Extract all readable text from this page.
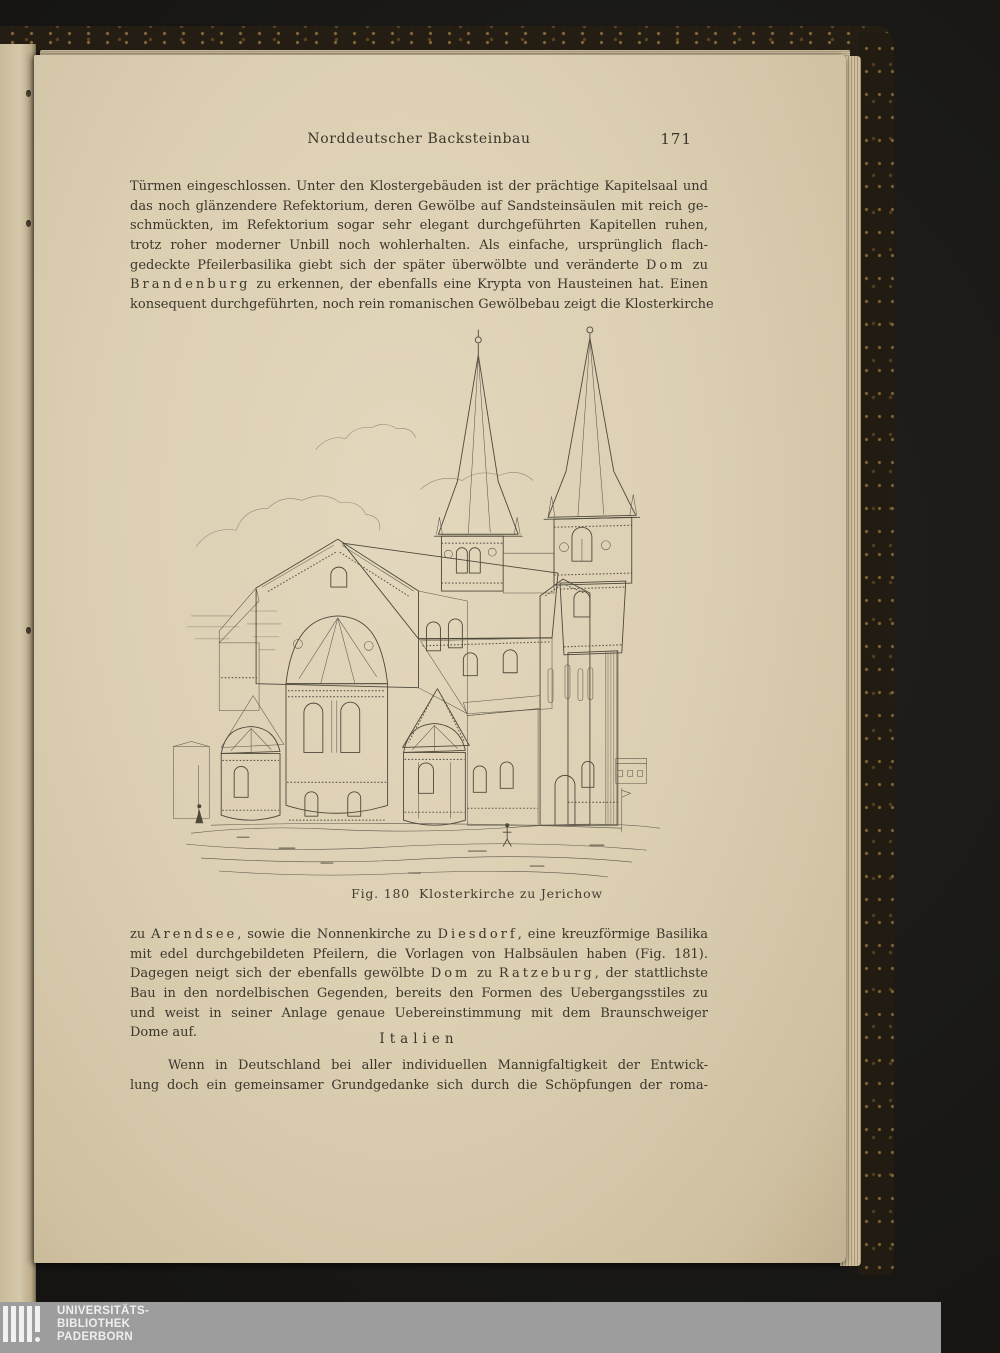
Norddeutscher Backsteinbau	171
Türmen eingeschlossen. Unter den Klostergebäuden ist der prächtige Kapitelsaal und
das noch glänzendere Refektorium, deren Gewölbe auf Sandsteinsäulen mit reich ge-
schmückten, im Refektorium sogar sehr elegant durchgeführten Kapitellen ruhen,
trotz roher moderner Unbill noch wohlerhalten. Als einfache, ursprünglich flach-
gedeckte Pfeilerbasilika giebt sich der später überwölbte und veränderte Dom zu
Brandenburg zu erkennen, der ebenfalls eine Krypta von Hausteinen hat. Einen
konsequent durchgeführten, noch rein romanischen Gewölbebau zeigt die Klosterkirche
Fig. 180 Klosterkirche zu Jerichow
zu Arendsee, sowie die Nonnenkirche zu Diesdorf, eine kreuzförmige Basilika
mit edel durchgebildeten Pfeilern, die Vorlagen von Halbsäulen haben (Fig. 181).
Dagegen neigt sich der ebenfalls gewölbte Dom zu Ratzeburg, der stattlichste
Bau in den nordelbischen Gegenden, bereits den Formen des Uebergangsstiles zu
und weist in seiner Anlage genaue Uebereinstimmung mit dem Braunschweiger
Dome auf.	Italien
Wenn in Deutschland bei aller individuellen Mannigfaltigkeit der Entwick-
lung doch ein gemeinsamer Grundgedanke sich durch die Schöpfungen der roma-
UNIVERSITÄTS-
BIBLIOTHEK
PADERBORN
